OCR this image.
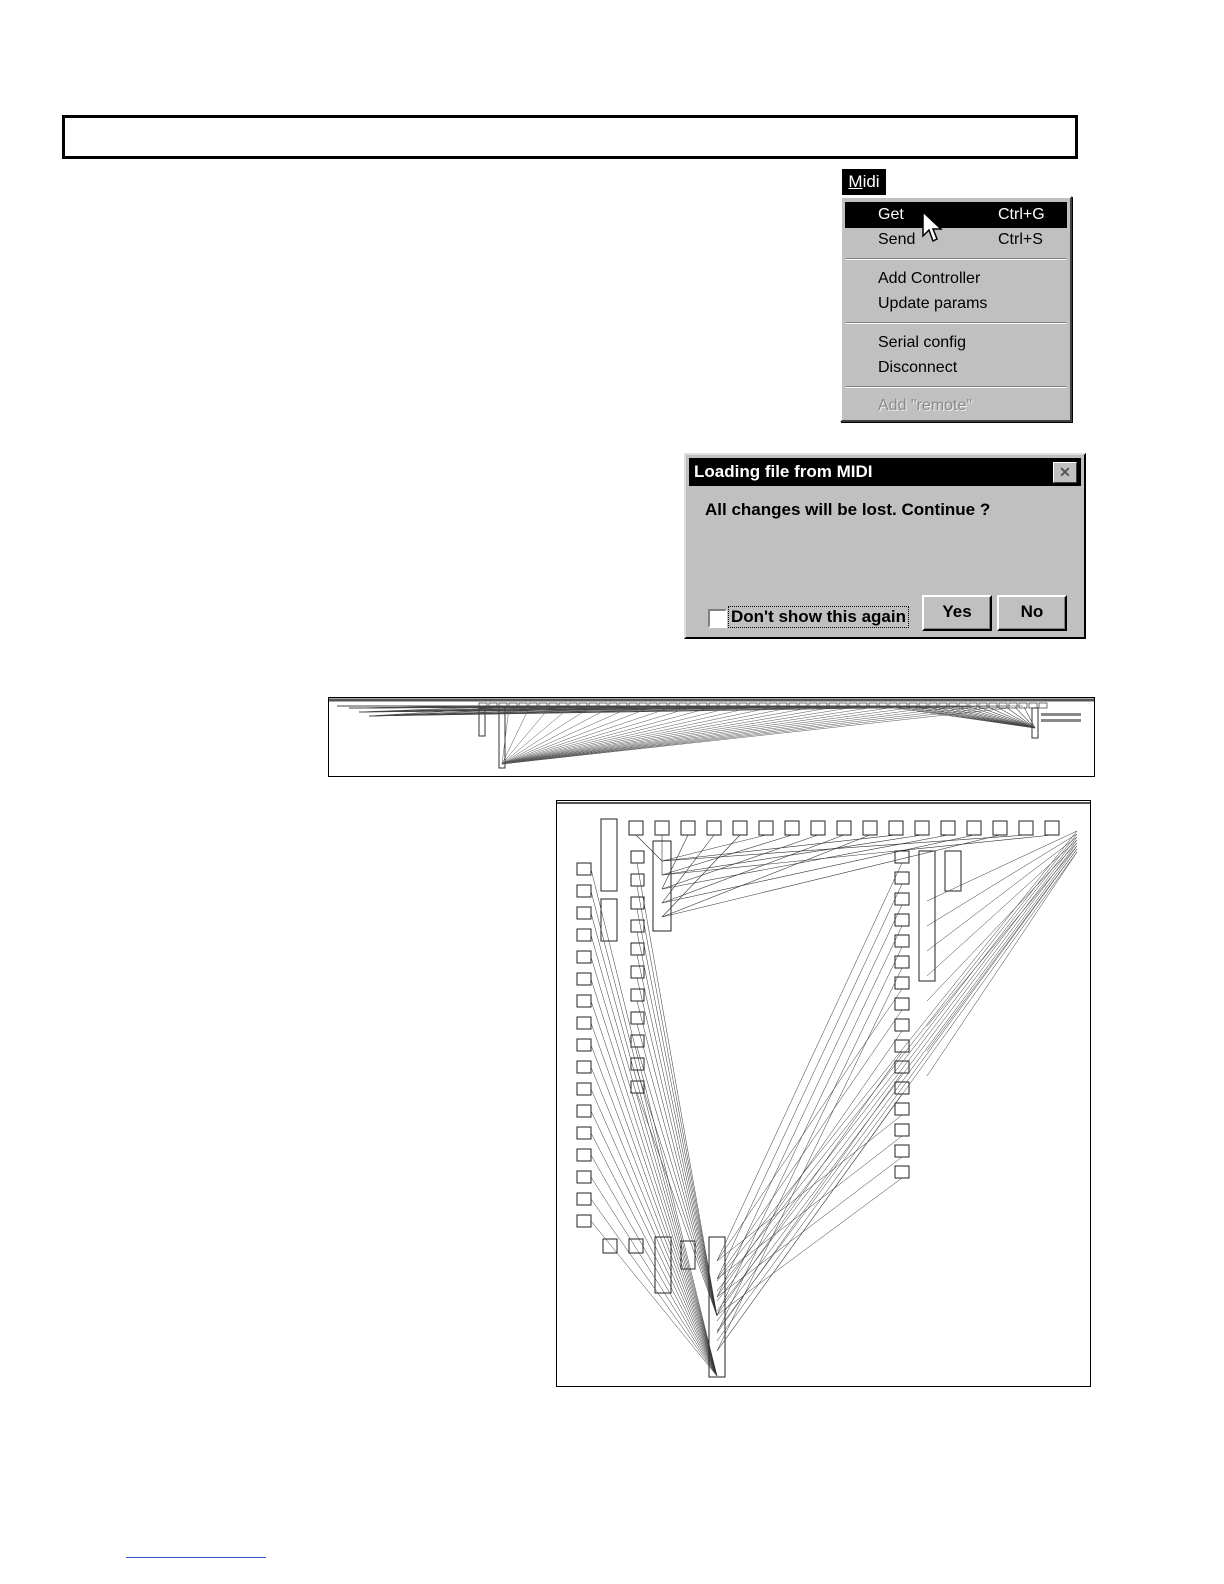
Midi
Get	Ctrl+G
Send	Ctrl+S
Add Controller
Update params
Serial config
Disconnect
Add "remote"
Loading file from MIDI	✕
All changes will be lost. Continue ?
Don't show this again	Yes	No
